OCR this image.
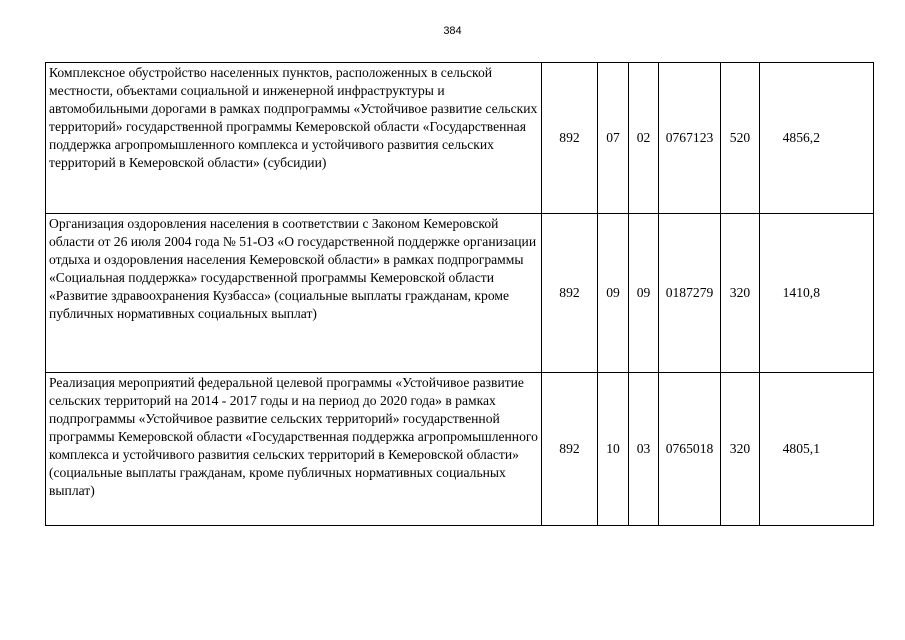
384
Комплексное обустройство населенных пунктов, расположенных в сельской местности, объектами социальной и инженерной инфраструктуры и автомобильными дорогами в рамках подпрограммы «Устойчивое развитие сельских территорий» государственной программы Кемеровской области «Государственная поддержка агропромышленного комплекса и устойчивого развития сельских территорий в Кемеровской области» (субсидии)	892	07	02	0767123	520	4856,2
Организация оздоровления населения в соответствии с Законом Кемеровской области от 26 июля 2004 года № 51-ОЗ «О государственной поддержке организации отдыха и оздоровления населения Кемеровской области» в рамках подпрограммы «Социальная поддержка» государственной программы Кемеровской области «Развитие здравоохранения Кузбасса» (социальные выплаты гражданам, кроме публичных нормативных социальных выплат)	892	09	09	0187279	320	1410,8
Реализация мероприятий федеральной целевой программы «Устойчивое развитие сельских территорий на 2014 - 2017 годы и на период до 2020 года» в рамках подпрограммы «Устойчивое развитие сельских территорий» государственной программы Кемеровской области «Государственная поддержка агропромышленного комплекса и устойчивого развития сельских территорий в Кемеровской области» (социальные выплаты гражданам, кроме публичных нормативных социальных выплат)	892	10	03	0765018	320	4805,1
